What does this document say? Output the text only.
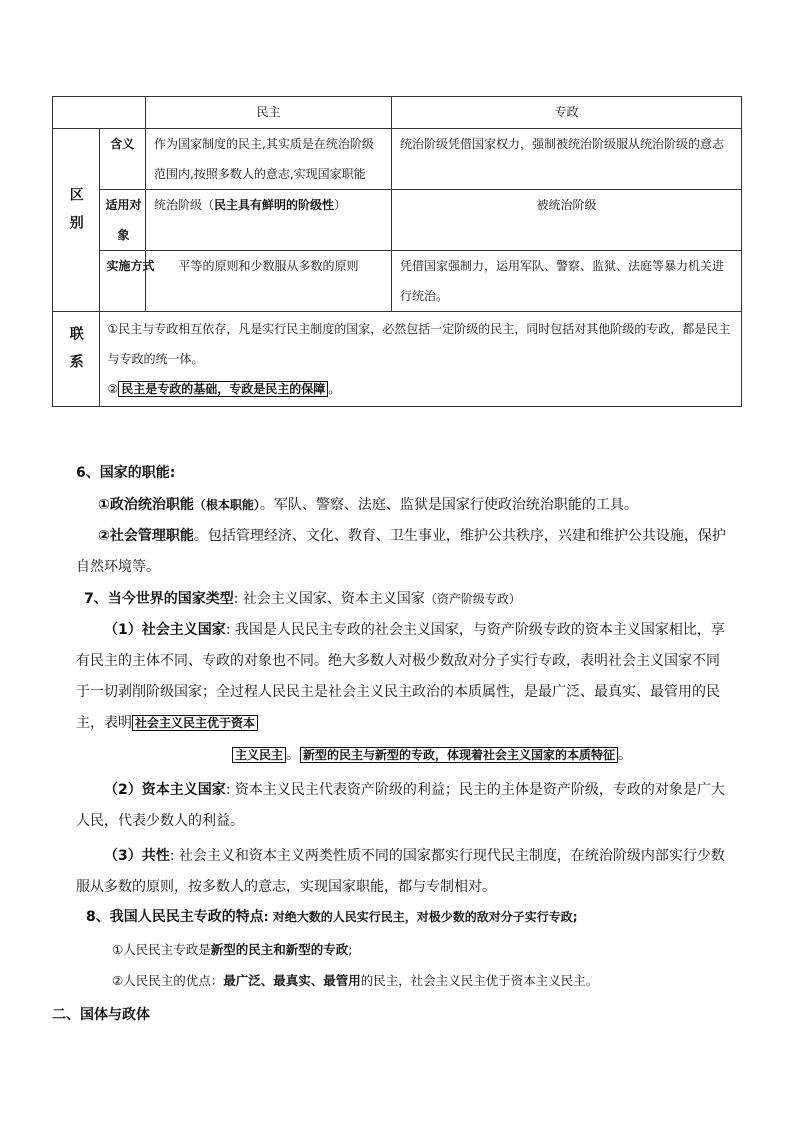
		民主	专政
区别	含义	作为国家制度的民主,其实质是在统治阶级范围内,按照多数人的意志,实现国家职能	统治阶级凭借国家权力，强制被统治阶级服从统治阶级的意志

	适用对象	统治阶级（民主具有鲜明的阶级性）	被统治阶级

	实施方式	平等的原则和少数服从多数的原则	凭借国家强制力，运用军队、警察、监狱、法庭等暴力机关进行统治。
联系	①民主与专政相互依存，凡是实行民主制度的国家，必然包括一定阶级的民主，同时包括对其他阶级的专政，都是民主与专政的统一体。
② 民主是专政的基础，专政是民主的保障 。		
6、国家的职能:
①政治统治职能（根本职能）。军队、警察、法庭、监狱是国家行使政治统治职能的工具。
②社会管理职能。包括管理经济、文化、教育、卫生事业，维护公共秩序，兴建和维护公共设施，保护自然环境等。
7、当今世界的国家类型: 社会主义国家、资本主义国家（资产阶级专政）
（1）社会主义国家: 我国是人民民主专政的社会主义国家，与资产阶级专政的资本主义国家相比，享有民主的主体不同、专政的对象也不同。绝大多数人对极少数敌对分子实行专政，表明社会主义国家不同于一切剥削阶级国家；全过程人民民主是社会主义民主政治的本质属性，是最广泛、最真实、最管用的民主，表明 社会主义民主优于资本
主义民主 。 新型的民主与新型的专政，体现着社会主义国家的本质特征 。
（2）资本主义国家: 资本主义民主代表资产阶级的利益；民主的主体是资产阶级，专政的对象是广大人民，代表少数人的利益。
（3）共性: 社会主义和资本主义两类性质不同的国家都实行现代民主制度，在统治阶级内部实行少数服从多数的原则，按多数人的意志，实现国家职能，都与专制相对。
8、我国人民民主专政的特点: 对绝大数的人民实行民主，对极少数的敌对分子实行专政;
①人民民主专政是新型的民主和新型的专政;
②人民民主的优点：最广泛、最真实、最管用的民主，社会主义民主优于资本主义民主。
二、国体与政体
